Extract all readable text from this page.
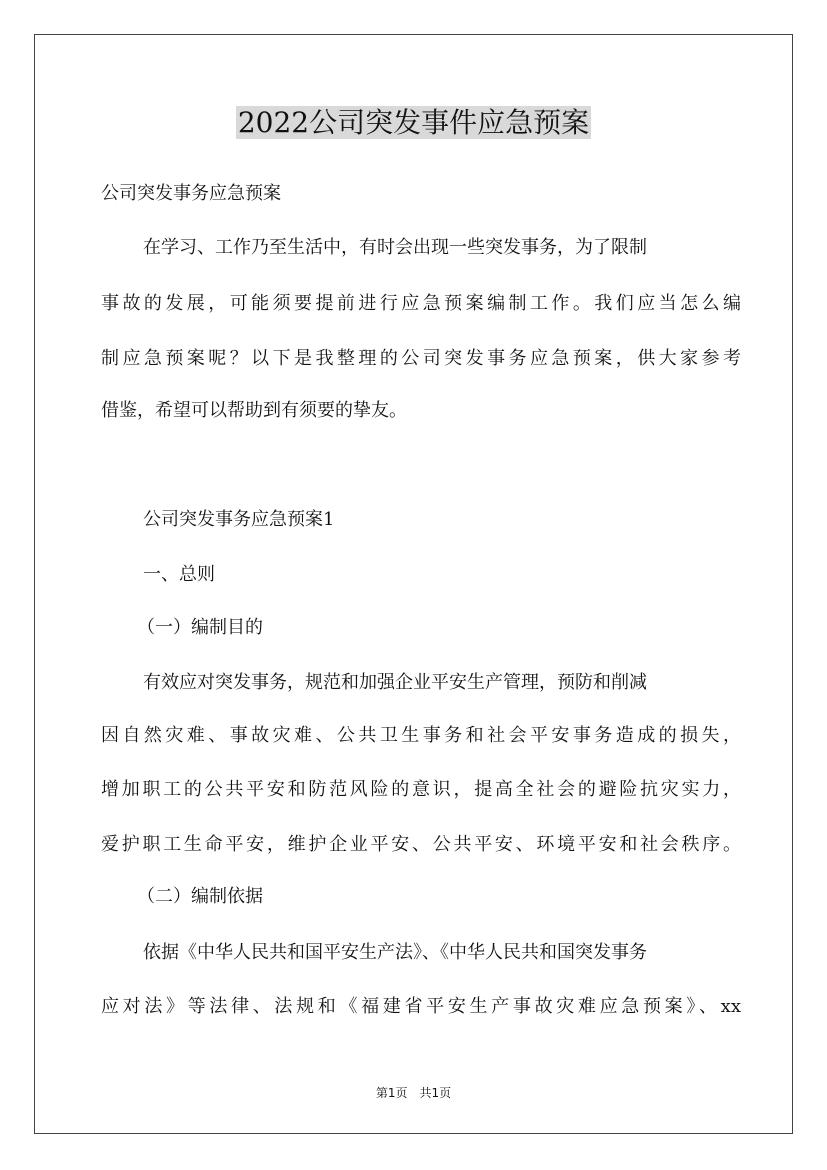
2022公司突发事件应急预案
公司突发事务应急预案
在学习、工作乃至生活中，有时会出现一些突发事务，为了限制
事故的发展，可能须要提前进行应急预案编制工作。我们应当怎么编
制应急预案呢？以下是我整理的公司突发事务应急预案，供大家参考
借鉴，希望可以帮助到有须要的挚友。
公司突发事务应急预案1
一、总则
（一）编制目的
有效应对突发事务，规范和加强企业平安生产管理，预防和削减
因自然灾难、事故灾难、公共卫生事务和社会平安事务造成的损失，
增加职工的公共平安和防范风险的意识，提高全社会的避险抗灾实力，
爱护职工生命平安，维护企业平安、公共平安、环境平安和社会秩序。
（二）编制依据
依据《中华人民共和国平安生产法》、《中华人民共和国突发事务
应对法》等法律、法规和《福建省平安生产事故灾难应急预案》、xx
第1页　共1页
